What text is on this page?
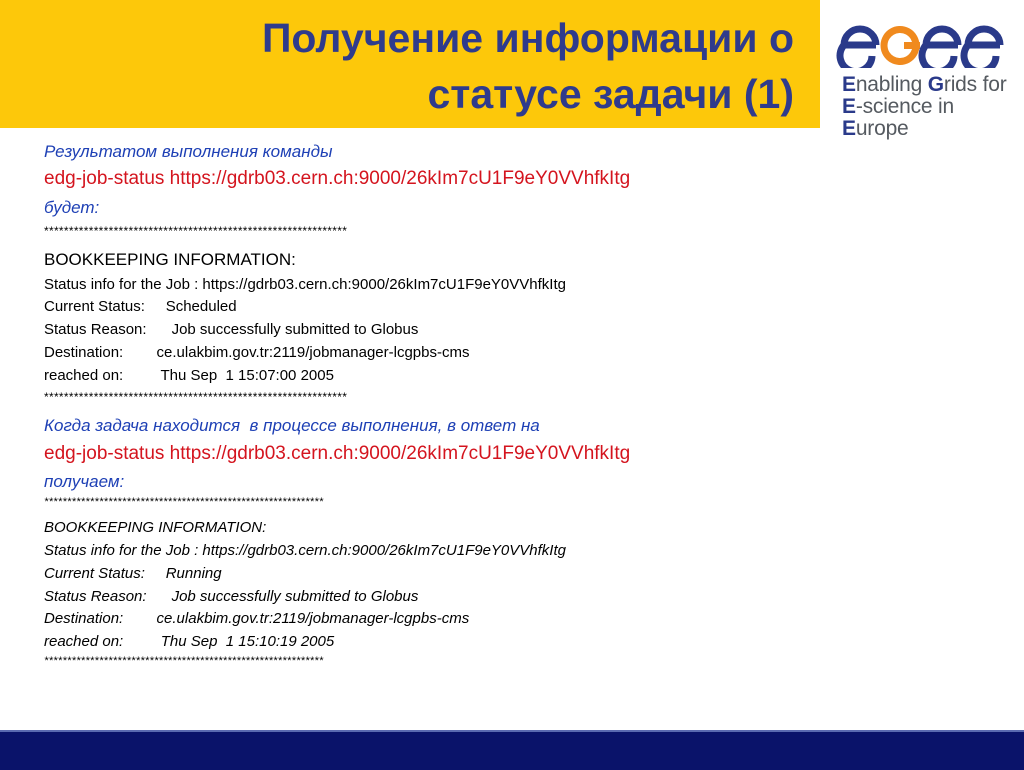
Получение информации о
статусе задачи (1) Enabling Grids for
E-science in Europe
Результатом выполнения команды
edg-job-status https://gdrb03.cern.ch:9000/26kIm7cU1F9eY0VVhfkItg
будет:
*************************************************************
BOOKKEEPING INFORMATION:
Status info for the Job : https://gdrb03.cern.ch:9000/26kIm7cU1F9eY0VVhfkItg
Current Status:     Scheduled
Status Reason:      Job successfully submitted to Globus
Destination:        ce.ulakbim.gov.tr:2119/jobmanager-lcgpbs-cms
reached on:         Thu Sep  1 15:07:00 2005
*************************************************************
Когда задача находится  в процессе выполнения, в ответ на
edg-job-status https://gdrb03.cern.ch:9000/26kIm7cU1F9eY0VVhfkItg
получаем:
*************************************************************
BOOKKEEPING INFORMATION:
Status info for the Job : https://gdrb03.cern.ch:9000/26kIm7cU1F9eY0VVhfkItg
Current Status:     Running
Status Reason:      Job successfully submitted to Globus
Destination:        ce.ulakbim.gov.tr:2119/jobmanager-lcgpbs-cms
reached on:         Thu Sep  1 15:10:19 2005
*************************************************************
